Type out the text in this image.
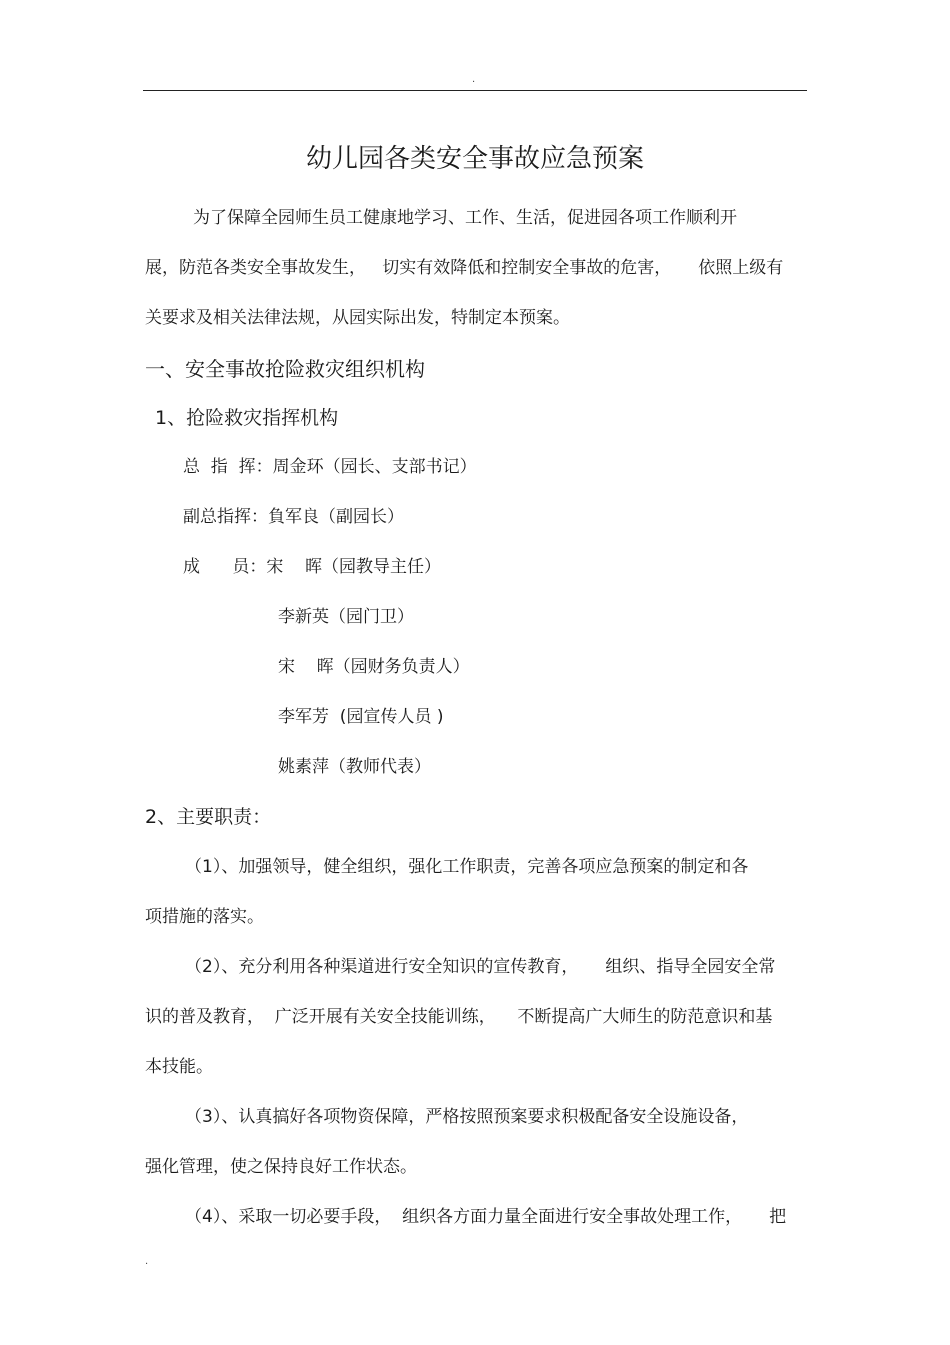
.
幼儿园各类安全事故应急预案
为了保障全园师生员工健康地学习、工作、生活，促进园各项工作顺利开
展，防范各类安全事故发生，   切实有效降低和控制安全事故的危害，     依照上级有
关要求及相关法律法规，从园实际出发，特制定本预案。
一、安全事故抢险救灾组织机构
1、抢险救灾指挥机构
总  指  挥：周金环（园长、支部书记）
副总指挥：負军良（副园长）
成      员：宋    晖（园教导主任）
李新英（园门卫）
宋    晖（园财务负责人）
李军芳  (园宣传人员 )
姚素萍（教师代表）
2、主要职责：
（1）、加强领导，健全组织，强化工作职责，完善各项应急预案的制定和各
项措施的落实。
（2）、充分利用各种渠道进行安全知识的宣传教育，     组织、指导全园安全常
识的普及教育，  广泛开展有关安全技能训练，    不断提高广大师生的防范意识和基
本技能。
（3）、认真搞好各项物资保障，严格按照预案要求积极配备安全设施设备，
强化管理，使之保持良好工作状态。
（4）、采取一切必要手段，  组织各方面力量全面进行安全事故处理工作，     把
.
